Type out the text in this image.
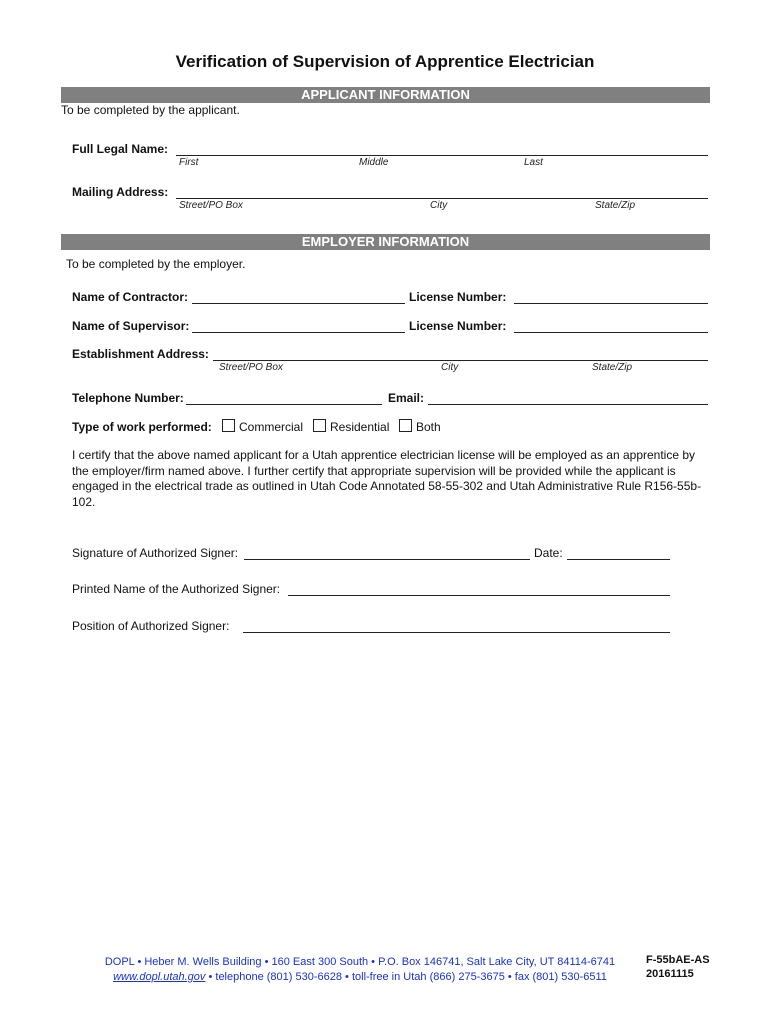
Verification of Supervision of Apprentice Electrician
APPLICANT INFORMATION
To be completed by the applicant.
Full Legal Name:
First	Middle	Last
Mailing Address:
Street/PO Box	City	State/Zip
EMPLOYER INFORMATION
To be completed by the employer.
Name of Contractor:	License Number:
Name of Supervisor:	License Number:
Establishment Address:
Street/PO Box	City	State/Zip
Telephone Number:	Email:
Type of work performed: Commercial Residential Both
I certify that the above named applicant for a Utah apprentice electrician license will be employed as an apprentice by the employer/firm named above. I further certify that appropriate supervision will be provided while the applicant is engaged in the electrical trade as outlined in Utah Code Annotated 58-55-302 and Utah Administrative Rule R156-55b-102.
Signature of Authorized Signer:	Date:
Printed Name of the Authorized Signer:
Position of Authorized Signer:
DOPL • Heber M. Wells Building • 160 East 300 South • P.O. Box 146741, Salt Lake City, UT 84114-6741
www.dopl.utah.gov • telephone (801) 530-6628 • toll-free in Utah (866) 275-3675 • fax (801) 530-6511
F-55bAE-AS
20161115
